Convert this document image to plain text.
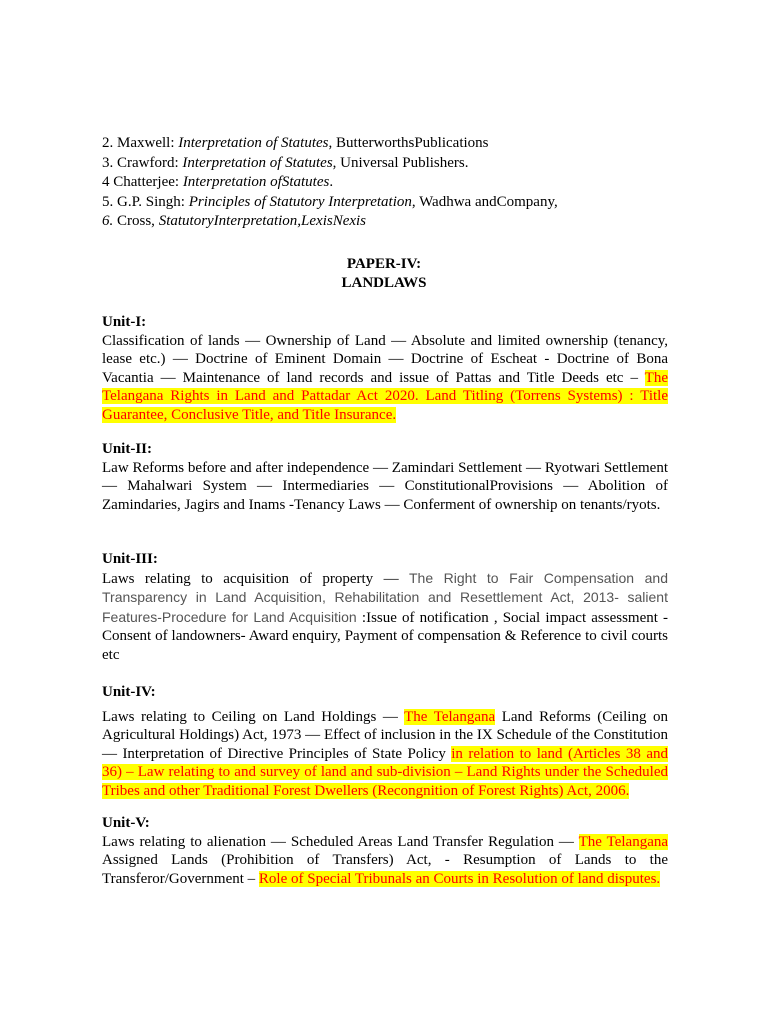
2. Maxwell: Interpretation of Statutes, ButterworthsPublications
3. Crawford: Interpretation of Statutes, Universal Publishers.
4 Chatterjee: Interpretation ofStatutes.
5. G.P. Singh: Principles of Statutory Interpretation, Wadhwa andCompany,
6. Cross, StatutoryInterpretation,LexisNexis
PAPER-IV:
LANDLAWS
Unit-I:

Classification of lands — Ownership of Land — Absolute and limited ownership (tenancy, lease etc.) — Doctrine of Eminent Domain — Doctrine of Escheat - Doctrine of Bona Vacantia — Maintenance of land records and issue of Pattas and Title Deeds etc – The Telangana Rights in Land and Pattadar Act 2020. Land Titling (Torrens Systems) : Title Guarantee, Conclusive Title, and Title Insurance.

Unit-II:

Law Reforms before and after independence — Zamindari Settlement — Ryotwari Settlement — Mahalwari System — Intermediaries — ConstitutionalProvisions — Abolition of Zamindaries, Jagirs and Inams -Tenancy Laws — Conferment of ownership on tenants/ryots.

Unit-III:

Laws relating to acquisition of property — The Right to Fair Compensation and Transparency in Land Acquisition, Rehabilitation and Resettlement Act, 2013- salient Features-Procedure for Land Acquisition :Issue of notification , Social impact assessment -Consent of landowners- Award enquiry, Payment of compensation & Reference to civil courts etc

Unit-IV:

Laws relating to Ceiling on Land Holdings — The Telangana Land Reforms (Ceiling on Agricultural Holdings) Act, 1973 — Effect of inclusion in the IX Schedule of the Constitution — Interpretation of Directive Principles of State Policy in relation to land (Articles 38 and 36) – Law relating to and survey of land and sub-division – Land Rights under the Scheduled Tribes and other Traditional Forest Dwellers (Recongnition of Forest Rights) Act, 2006.

Unit-V:

Laws relating to alienation — Scheduled Areas Land Transfer Regulation — The Telangana Assigned Lands (Prohibition of Transfers) Act, - Resumption of Lands to the Transferor/Government – Role of Special Tribunals an Courts in Resolution of land disputes.
